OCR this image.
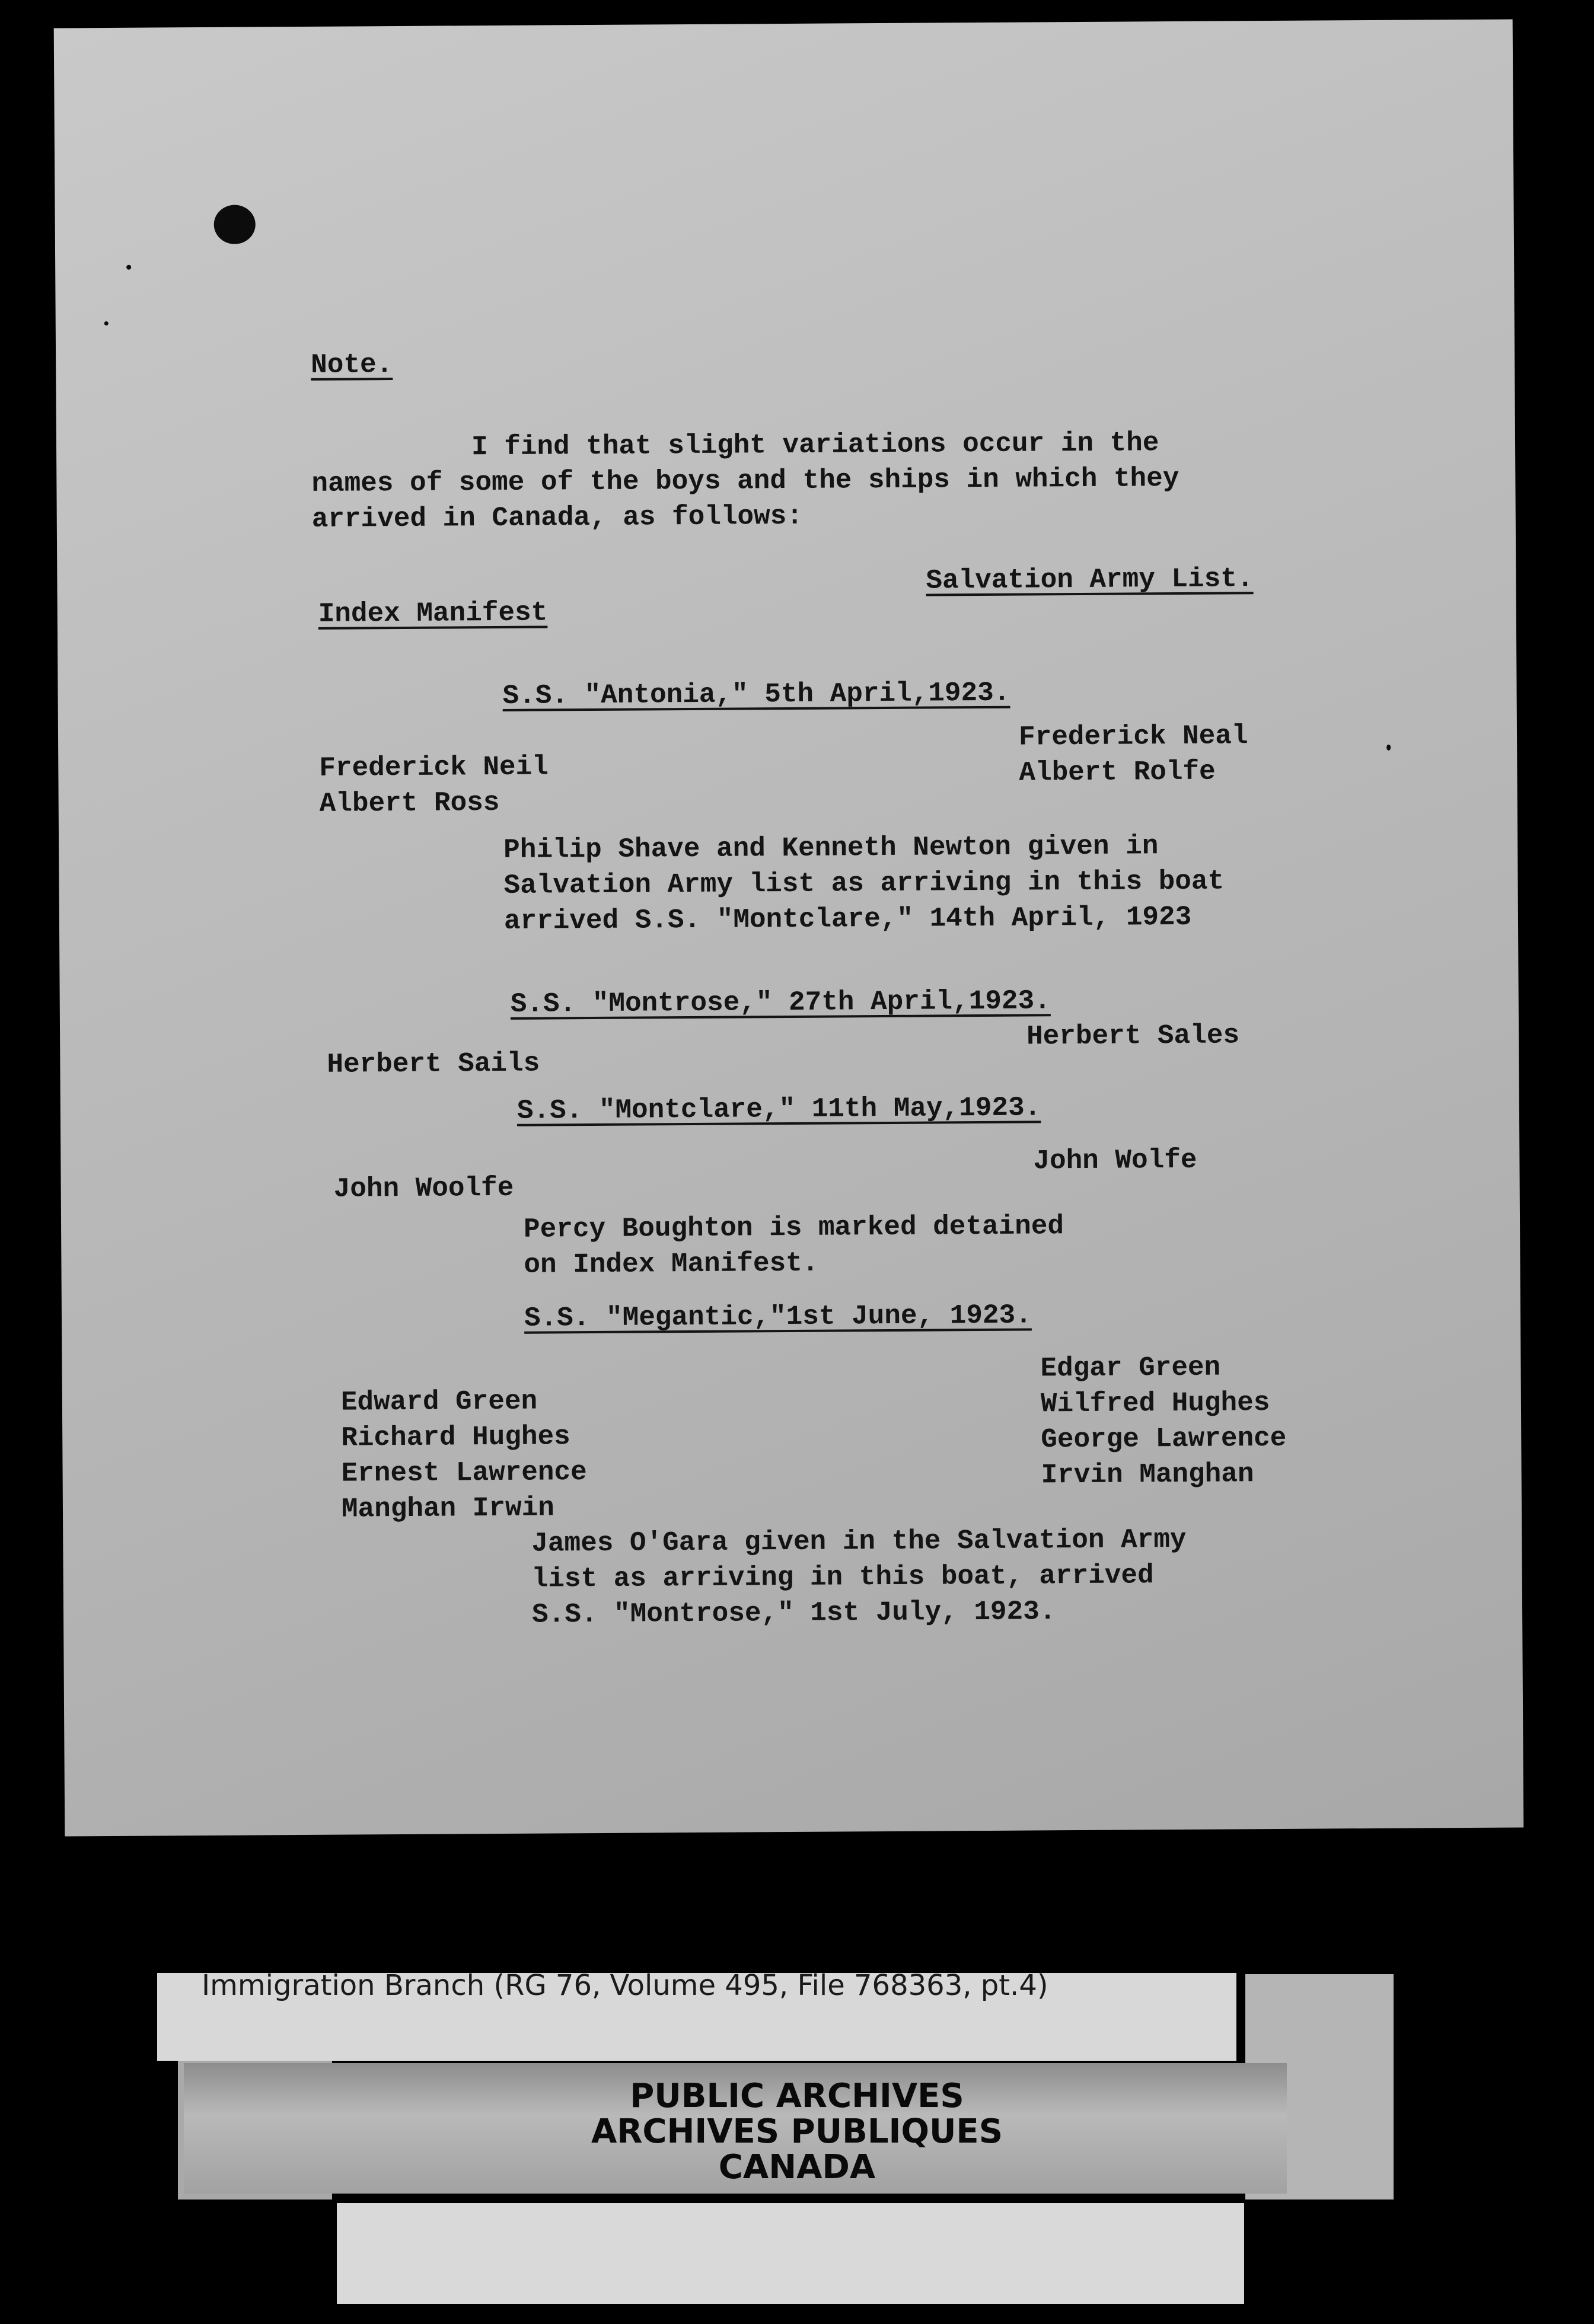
Note.
I find that slight variations occur in the
names of some of the boys and the ships in which they
arrived in Canada, as follows:
Index Manifest
Salvation Army List.
S.S. "Antonia," 5th April,1923.
Frederick Neil
Albert Ross
Frederick Neal
Albert Rolfe
Philip Shave and Kenneth Newton given in
Salvation Army list as arriving in this boat
arrived S.S. "Montclare," 14th April, 1923
S.S. "Montrose," 27th April,1923.
Herbert Sails
Herbert Sales
S.S. "Montclare," 11th May,1923.
John Woolfe
John Wolfe
Percy Boughton is marked detained
on Index Manifest.
S.S. "Megantic,"1st June, 1923.
Edward Green
Richard Hughes
Ernest Lawrence
Manghan Irwin
Edgar Green
Wilfred Hughes
George Lawrence
Irvin Manghan
James O'Gara given in the Salvation Army
list as arriving in this boat, arrived
S.S. "Montrose," 1st July, 1923.
Immigration Branch (RG 76, Volume 495, File 768363, pt.4)
PUBLIC ARCHIVES
ARCHIVES PUBLIQUES
CANADA
